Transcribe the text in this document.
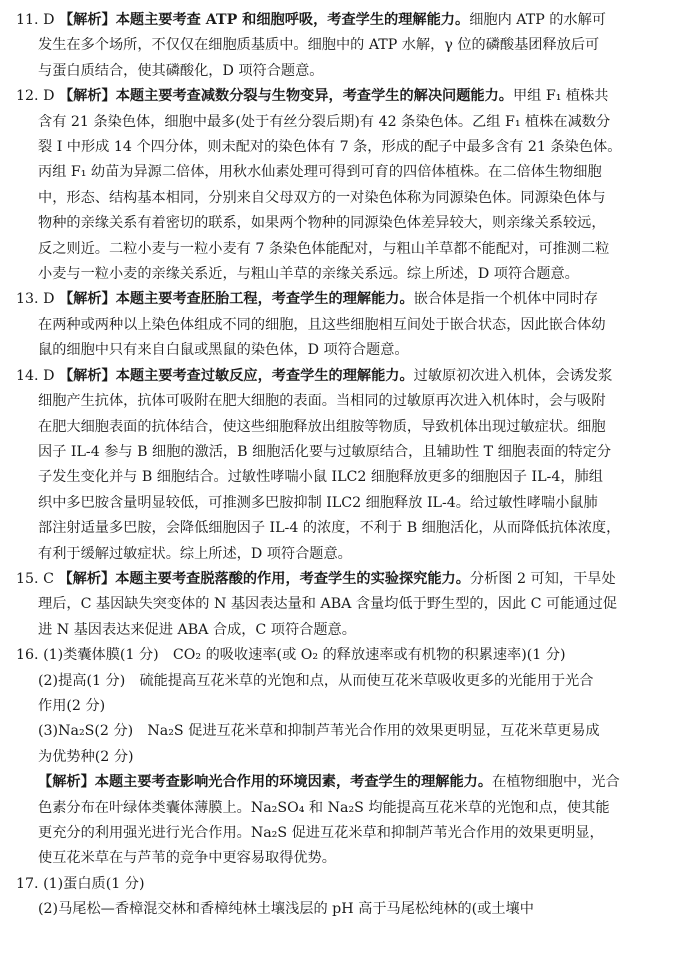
11. D 【解析】本题主要考查 ATP 和细胞呼吸，考查学生的理解能力。细胞内 ATP 的水解可
发生在多个场所，不仅仅在细胞质基质中。细胞中的 ATP 水解，γ 位的磷酸基团释放后可
与蛋白质结合，使其磷酸化，D 项符合题意。
12. D 【解析】本题主要考查减数分裂与生物变异，考查学生的解决问题能力。甲组 F₁ 植株共
含有 21 条染色体，细胞中最多(处于有丝分裂后期)有 42 条染色体。乙组 F₁ 植株在减数分
裂 Ⅰ 中形成 14 个四分体，则未配对的染色体有 7 条，形成的配子中最多含有 21 条染色体。
丙组 F₁ 幼苗为异源二倍体，用秋水仙素处理可得到可育的四倍体植株。在二倍体生物细胞
中，形态、结构基本相同，分别来自父母双方的一对染色体称为同源染色体。同源染色体与
物种的亲缘关系有着密切的联系，如果两个物种的同源染色体差异较大，则亲缘关系较远，
反之则近。二粒小麦与一粒小麦有 7 条染色体能配对，与粗山羊草都不能配对，可推测二粒
小麦与一粒小麦的亲缘关系近，与粗山羊草的亲缘关系远。综上所述，D 项符合题意。
13. D 【解析】本题主要考查胚胎工程，考查学生的理解能力。嵌合体是指一个机体中同时存
在两种或两种以上染色体组成不同的细胞，且这些细胞相互间处于嵌合状态，因此嵌合体幼
鼠的细胞中只有来自白鼠或黑鼠的染色体，D 项符合题意。
14. D 【解析】本题主要考查过敏反应，考查学生的理解能力。过敏原初次进入机体，会诱发浆
细胞产生抗体，抗体可吸附在肥大细胞的表面。当相同的过敏原再次进入机体时，会与吸附
在肥大细胞表面的抗体结合，使这些细胞释放出组胺等物质，导致机体出现过敏症状。细胞
因子 IL-4 参与 B 细胞的激活，B 细胞活化要与过敏原结合，且辅助性 T 细胞表面的特定分
子发生变化并与 B 细胞结合。过敏性哮喘小鼠 ILC2 细胞释放更多的细胞因子 IL-4，肺组
织中多巴胺含量明显较低，可推测多巴胺抑制 ILC2 细胞释放 IL-4。给过敏性哮喘小鼠肺
部注射适量多巴胺，会降低细胞因子 IL-4 的浓度，不利于 B 细胞活化，从而降低抗体浓度，
有利于缓解过敏症状。综上所述，D 项符合题意。
15. C 【解析】本题主要考查脱落酸的作用，考查学生的实验探究能力。分析图 2 可知，干旱处
理后，C 基因缺失突变体的 N 基因表达量和 ABA 含量均低于野生型的，因此 C 可能通过促
进 N 基因表达来促进 ABA 合成，C 项符合题意。
16. (1)类囊体膜(1 分)　CO₂ 的吸收速率(或 O₂ 的释放速率或有机物的积累速率)(1 分)
(2)提高(1 分)　硫能提高互花米草的光饱和点，从而使互花米草吸收更多的光能用于光合
作用(2 分)
(3)Na₂S(2 分)　Na₂S 促进互花米草和抑制芦苇光合作用的效果更明显，互花米草更易成
为优势种(2 分)
【解析】本题主要考查影响光合作用的环境因素，考查学生的理解能力。在植物细胞中，光合
色素分布在叶绿体类囊体薄膜上。Na₂SO₄ 和 Na₂S 均能提高互花米草的光饱和点，使其能
更充分的利用强光进行光合作用。Na₂S 促进互花米草和抑制芦苇光合作用的效果更明显，
使互花米草在与芦苇的竞争中更容易取得优势。
17. (1)蛋白质(1 分)
(2)马尾松—香樟混交林和香樟纯林土壤浅层的 pH 高于马尾松纯林的(或土壤中
